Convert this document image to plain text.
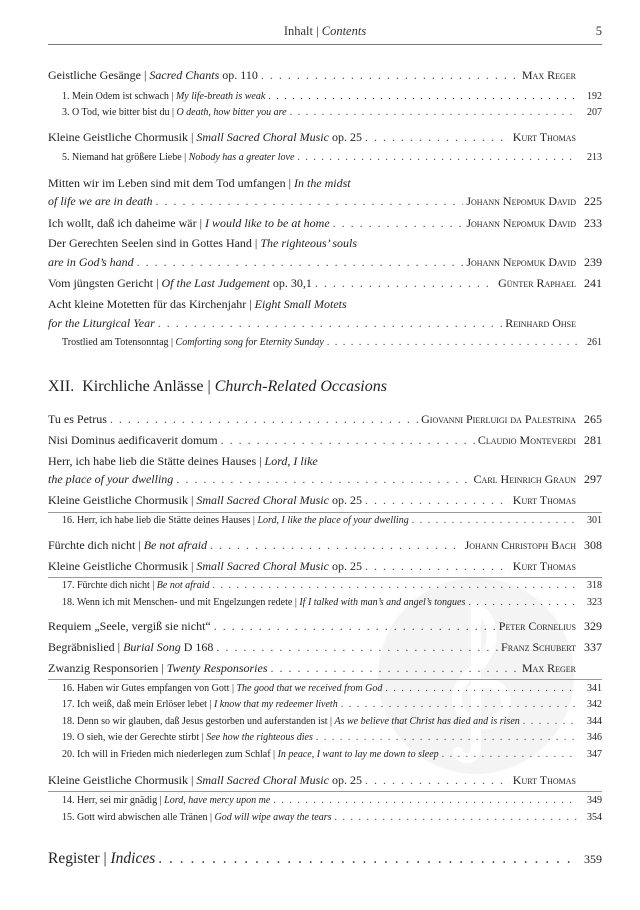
Inhalt | Contents	5
Geistliche Gesänge | Sacred Chants op. 110 . . .	Max Reger
1. Mein Odem ist schwach | My life-breath is weak . . .	192
3. O Tod, wie bitter bist du | O death, how bitter you are . . .	207
Kleine Geistliche Chormusik | Small Sacred Choral Music op. 25 . . .	Kurt Thomas
5. Niemand hat größere Liebe | Nobody has a greater love . . .	213
Mitten wir im Leben sind mit dem Tod umfangen | In the midst
of life we are in death . . .	Johann Nepomuk David 225
Ich wollt, daß ich daheime wär | I would like to be at home . . .	Johann Nepomuk David 233
Der Gerechten Seelen sind in Gottes Hand | The righteous’ souls
are in God’s hand . . .	Johann Nepomuk David 239
Vom jüngsten Gericht | Of the Last Judgement op. 30,1 . . .	Günter Raphael 241
Acht kleine Motetten für das Kirchenjahr | Eight Small Motets
for the Liturgical Year . . .	Reinhard Ohse
Trostlied am Totensonntag | Comforting song for Eternity Sunday . . .	261
XII. Kirchliche Anlässe | Church-Related Occasions
Tu es Petrus . . .	Giovanni Pierluigi da Palestrina 265
Nisi Dominus aedificaverit domum . . .	Claudio Monteverdi 281
Herr, ich habe lieb die Stätte deines Hauses | Lord, I like
the place of your dwelling . . .	Carl Heinrich Graun 297
Kleine Geistliche Chormusik | Small Sacred Choral Music op. 25 . . .	Kurt Thomas
16. Herr, ich habe lieb die Stätte deines Hauses | Lord, I like the place of your dwelling . . .	301
Fürchte dich nicht | Be not afraid . . .	Johann Christoph Bach 308
Kleine Geistliche Chormusik | Small Sacred Choral Music op. 25 . . .	Kurt Thomas
17. Fürchte dich nicht | Be not afraid . . .	318
18. Wenn ich mit Menschen- und mit Engelzungen redete | If I talked with man’s and angel’s tongues . . .	323
Requiem „Seele, vergiß sie nicht“ . . .	Peter Cornelius 329
Begräbnislied | Burial Song D 168 . . .	Franz Schubert 337
Zwanzig Responsorien | Twenty Responsories . . .	Max Reger
16. Haben wir Gutes empfangen von Gott | The good that we received from God . . .	341
17. Ich weiß, daß mein Erlöser lebet | I know that my redeemer liveth . . .	342
18. Denn so wir glauben, daß Jesus gestorben und auferstanden ist | As we believe that Christ has died and is risen . . .	344
19. O sieh, wie der Gerechte stirbt | See how the righteous dies . . .	346
20. Ich will in Frieden mich niederlegen zum Schlaf | In peace, I want to lay me down to sleep . . .	347
Kleine Geistliche Chormusik | Small Sacred Choral Music op. 25 . . .	Kurt Thomas
14. Herr, sei mir gnädig | Lord, have mercy upon me . . .	349
15. Gott wird abwischen alle Tränen | God will wipe away the tears . . .	354
Register | Indices . . .	359
